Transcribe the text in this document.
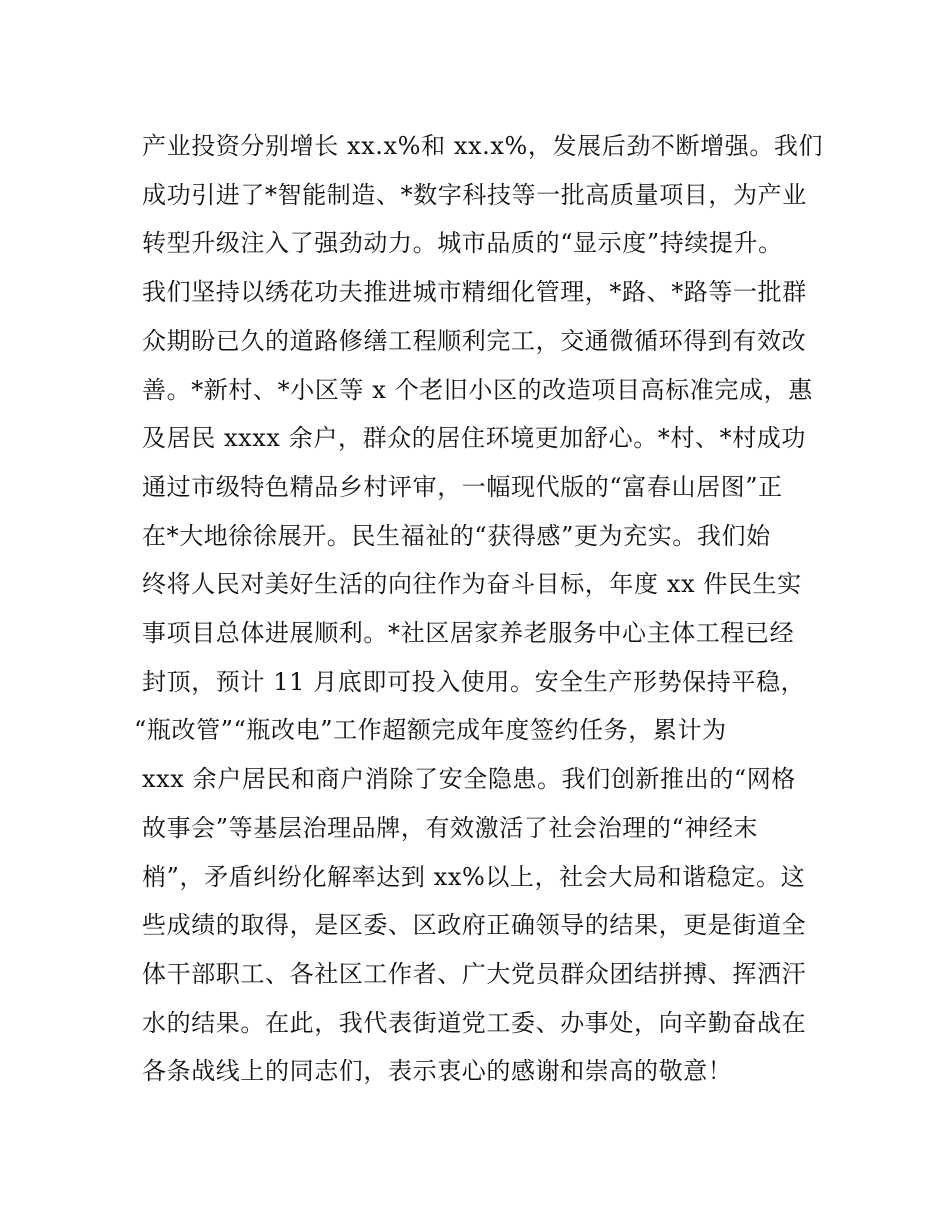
产业投资分别增长 xx.x%和 xx.x%，发展后劲不断增强。我们
成功引进了*智能制造、*数字科技等一批高质量项目，为产业
转型升级注入了强劲动力。城市品质的“显示度”持续提升。
我们坚持以绣花功夫推进城市精细化管理，*路、*路等一批群
众期盼已久的道路修缮工程顺利完工，交通微循环得到有效改
善。*新村、*小区等 x 个老旧小区的改造项目高标准完成，惠
及居民 xxxx 余户，群众的居住环境更加舒心。*村、*村成功
通过市级特色精品乡村评审，一幅现代版的“富春山居图”正
在*大地徐徐展开。民生福祉的“获得感”更为充实。我们始
终将人民对美好生活的向往作为奋斗目标，年度 xx 件民生实
事项目总体进展顺利。*社区居家养老服务中心主体工程已经
封顶，预计 11 月底即可投入使用。安全生产形势保持平稳，
“瓶改管”“瓶改电”工作超额完成年度签约任务，累计为
xxx 余户居民和商户消除了安全隐患。我们创新推出的“网格
故事会”等基层治理品牌，有效激活了社会治理的“神经末
梢”，矛盾纠纷化解率达到 xx%以上，社会大局和谐稳定。这
些成绩的取得，是区委、区政府正确领导的结果，更是街道全
体干部职工、各社区工作者、广大党员群众团结拼搏、挥洒汗
水的结果。在此，我代表街道党工委、办事处，向辛勤奋战在
各条战线上的同志们，表示衷心的感谢和崇高的敬意！
